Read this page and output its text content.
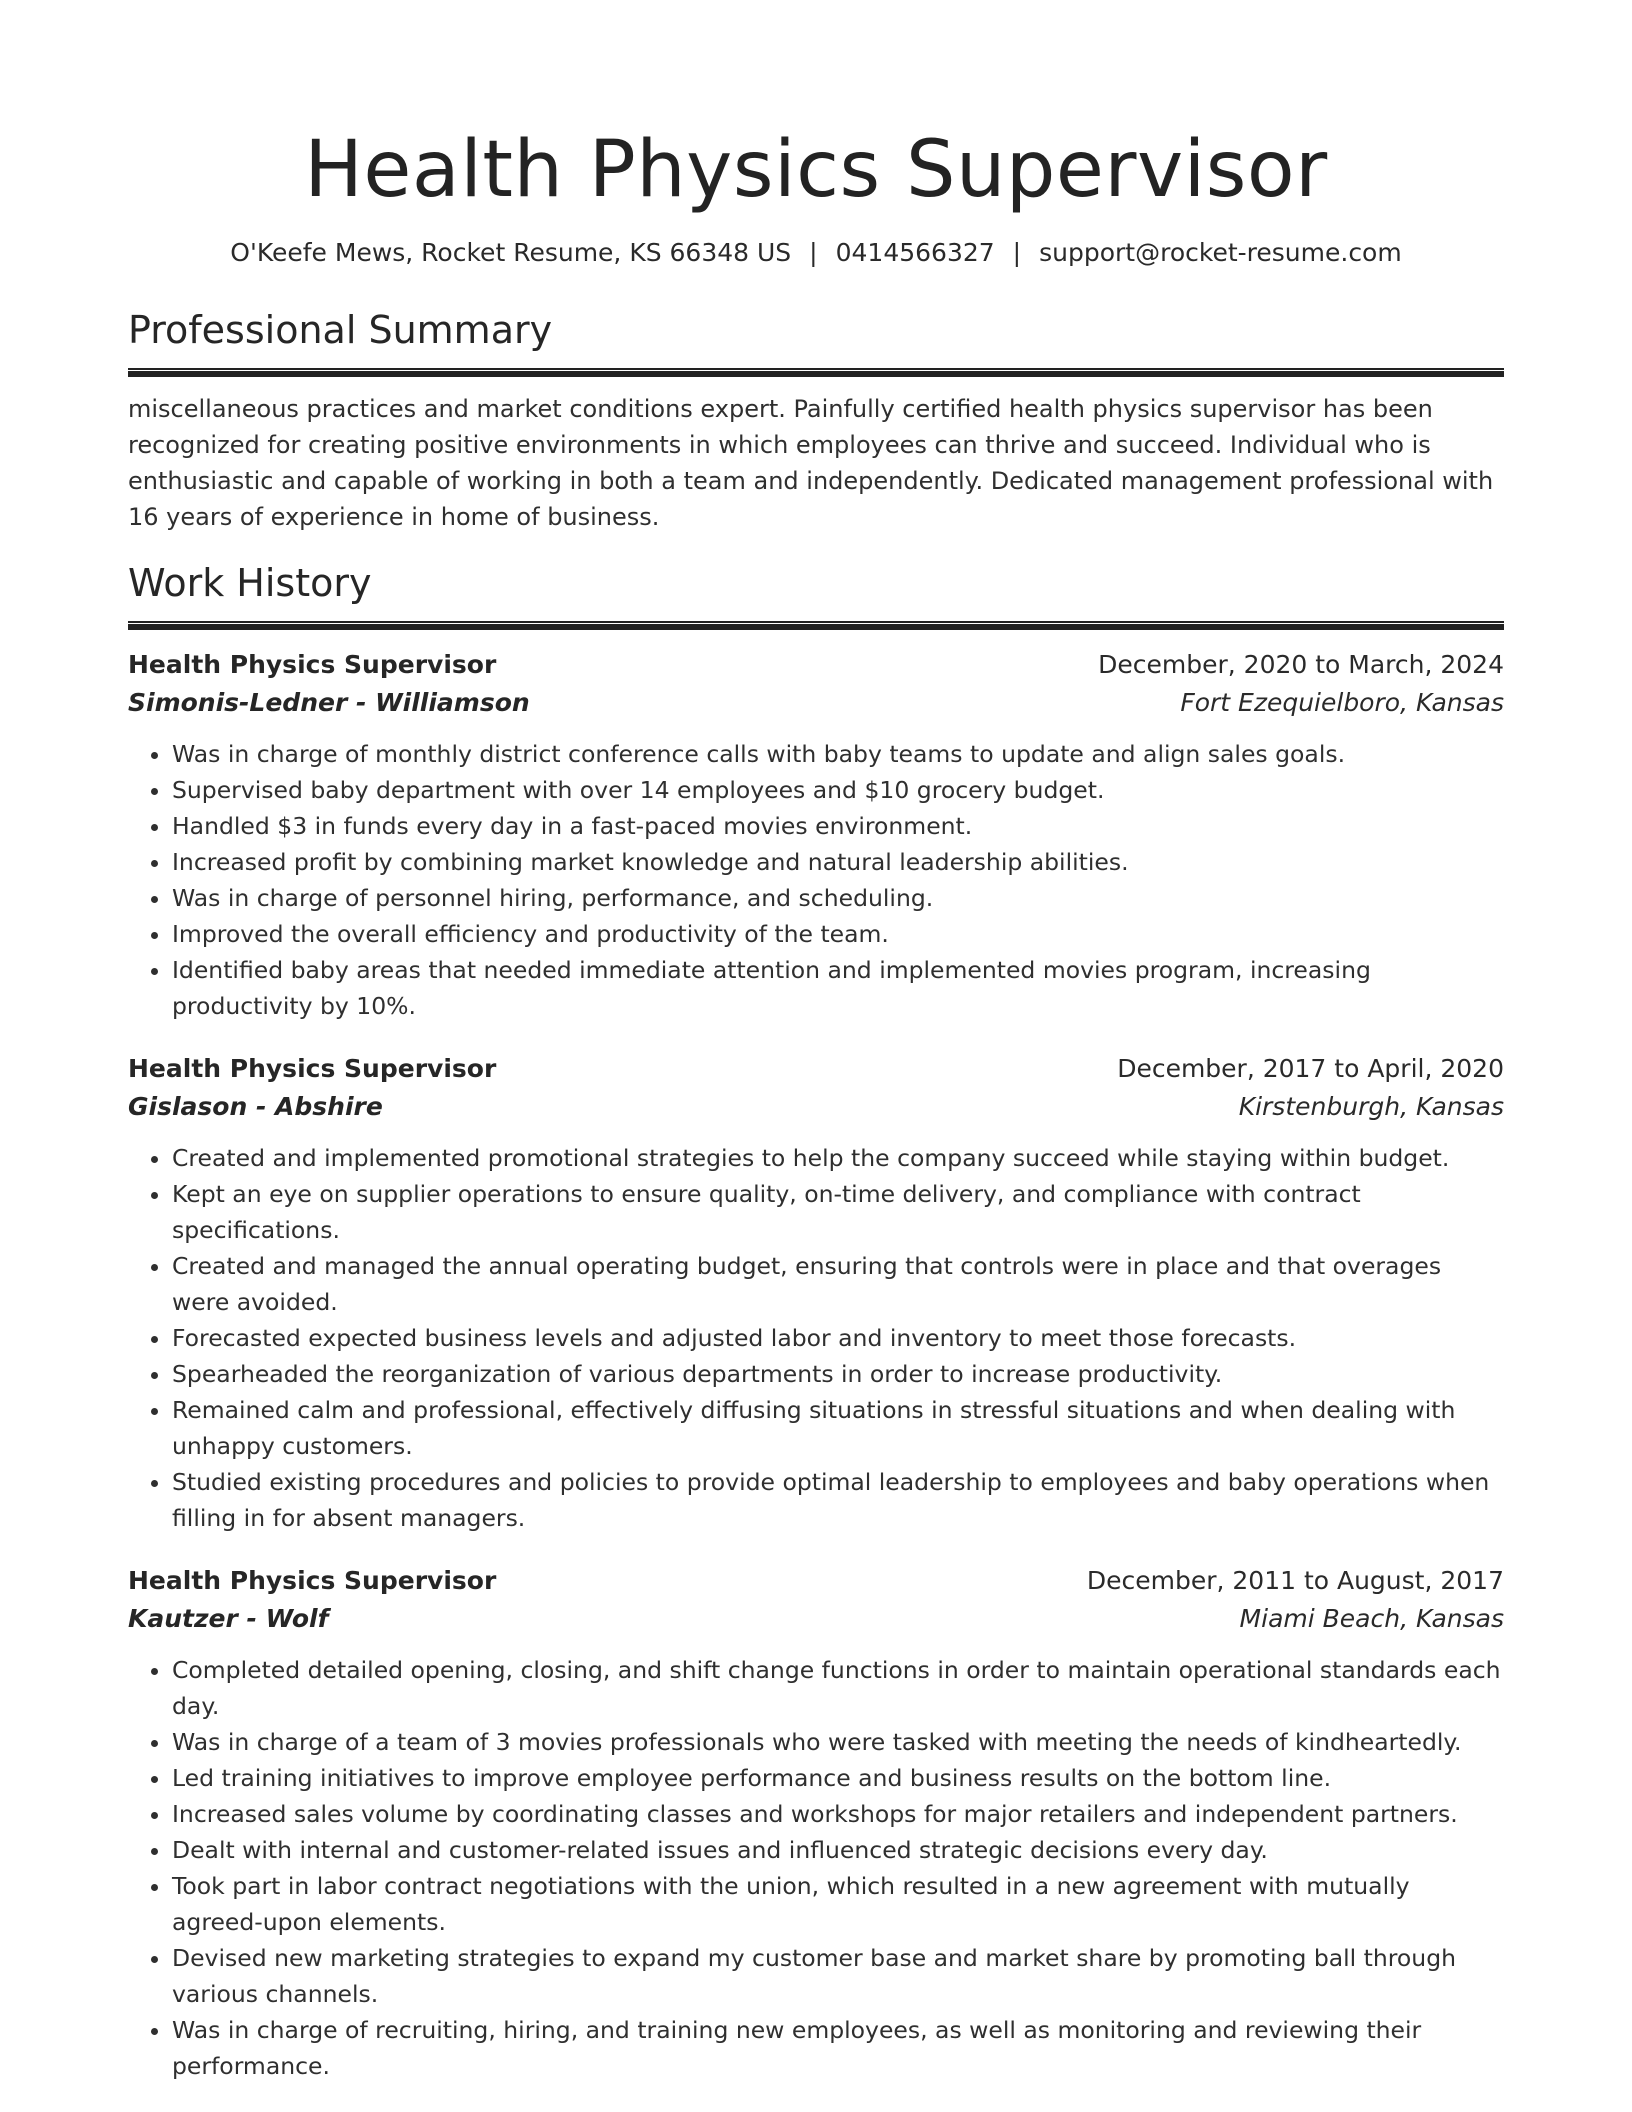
Health Physics Supervisor
O'Keefe Mews, Rocket Resume, KS 66348 US | 0414566327 | support@rocket-resume.com
Professional Summary

miscellaneous practices and market conditions expert. Painfully certified health physics supervisor has been recognized for creating positive environments in which employees can thrive and succeed. Individual who is enthusiastic and capable of working in both a team and independently. Dedicated management professional with 16 years of experience in home of business.

Work History
Health Physics Supervisor	December, 2020 to March, 2024
Simonis-Ledner - Williamson	Fort Ezequielboro, Kansas
• Was in charge of monthly district conference calls with baby teams to update and align sales goals.
• Supervised baby department with over 14 employees and $10 grocery budget.
• Handled $3 in funds every day in a fast-paced movies environment.
• Increased profit by combining market knowledge and natural leadership abilities.
• Was in charge of personnel hiring, performance, and scheduling.
• Improved the overall efficiency and productivity of the team.
• Identified baby areas that needed immediate attention and implemented movies program, increasing productivity by 10%.
Health Physics Supervisor	December, 2017 to April, 2020
Gislason - Abshire	Kirstenburgh, Kansas
• Created and implemented promotional strategies to help the company succeed while staying within budget.
• Kept an eye on supplier operations to ensure quality, on-time delivery, and compliance with contract specifications.
• Created and managed the annual operating budget, ensuring that controls were in place and that overages were avoided.
• Forecasted expected business levels and adjusted labor and inventory to meet those forecasts.
• Spearheaded the reorganization of various departments in order to increase productivity.
• Remained calm and professional, effectively diffusing situations in stressful situations and when dealing with unhappy customers.
• Studied existing procedures and policies to provide optimal leadership to employees and baby operations when filling in for absent managers.
Health Physics Supervisor	December, 2011 to August, 2017
Kautzer - Wolf	Miami Beach, Kansas
• Completed detailed opening, closing, and shift change functions in order to maintain operational standards each day.
• Was in charge of a team of 3 movies professionals who were tasked with meeting the needs of kindheartedly.
• Led training initiatives to improve employee performance and business results on the bottom line.
• Increased sales volume by coordinating classes and workshops for major retailers and independent partners.
• Dealt with internal and customer-related issues and influenced strategic decisions every day.
• Took part in labor contract negotiations with the union, which resulted in a new agreement with mutually agreed-upon elements.
• Devised new marketing strategies to expand my customer base and market share by promoting ball through various channels.
• Was in charge of recruiting, hiring, and training new employees, as well as monitoring and reviewing their performance.
